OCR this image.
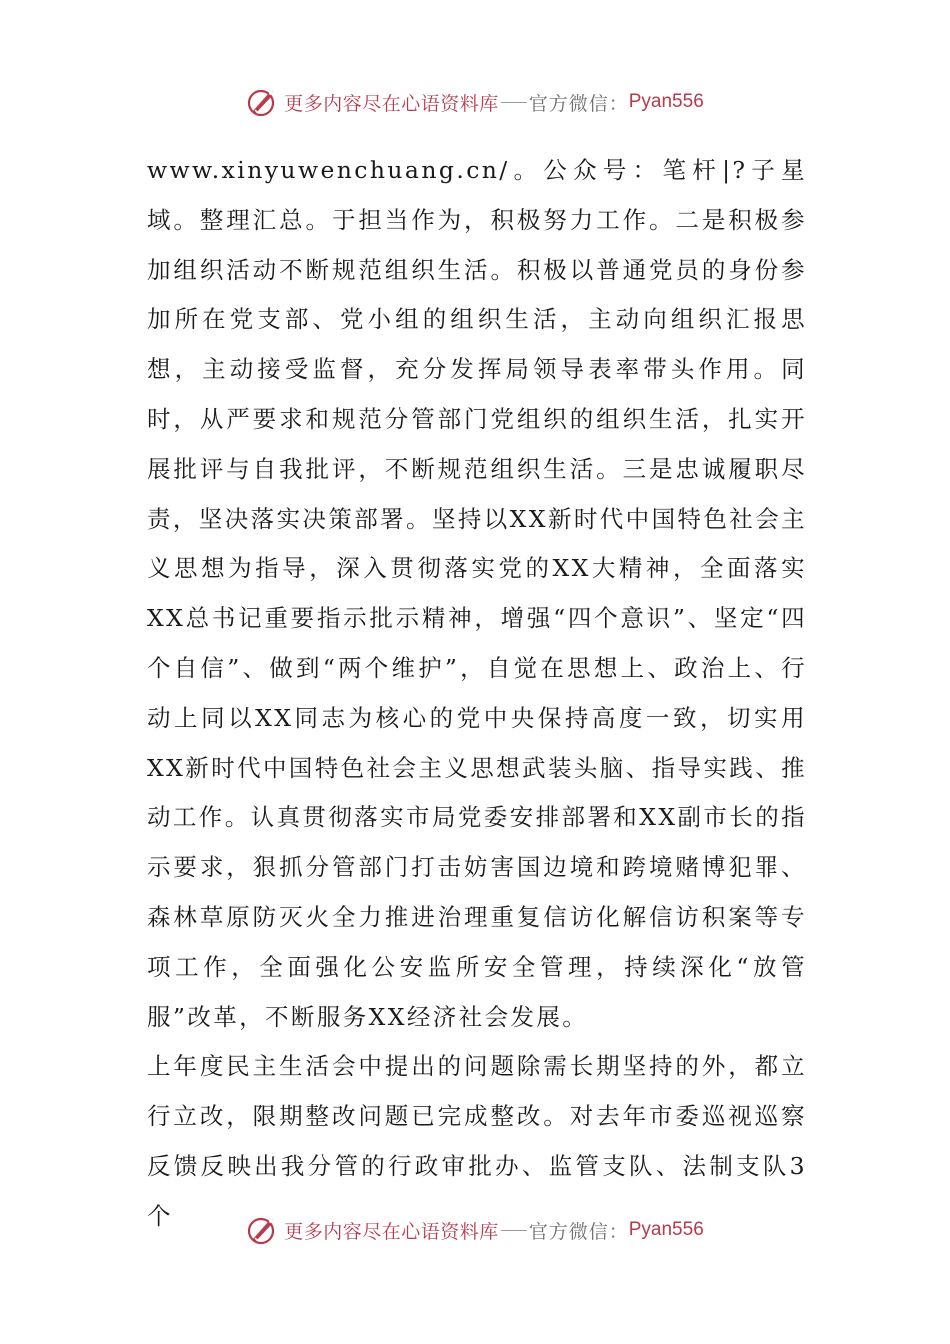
更多内容尽在心语资料库 官方微信： Pyan556

www.xinyuwenchuang.cn/。公众号：笔杆|?子星域。整理汇总。于担当作为，积极努力工作。二是积极参加组织活动不断规范组织生活。积极以普通党员的身份参加所在党支部、党小组的组织生活，主动向组织汇报思想，主动接受监督，充分发挥局领导表率带头作用。同时，从严要求和规范分管部门党组织的组织生活，扎实开展批评与自我批评，不断规范组织生活。三是忠诚履职尽责，坚决落实决策部署。坚持以XX新时代中国特色社会主义思想为指导，深入贯彻落实党的XX大精神，全面落实XX总书记重要指示批示精神，增强“四个意识”、坚定“四个自信”、做到“两个维护”，自觉在思想上、政治上、行动上同以XX同志为核心的党中央保持高度一致，切实用XX新时代中国特色社会主义思想武装头脑、指导实践、推动工作。认真贯彻落实市局党委安排部署和XX副市长的指示要求，狠抓分管部门打击妨害国边境和跨境赌博犯罪、森林草原防灭火全力推进治理重复信访化解信访积案等专项工作，全面强化公安监所安全管理，持续深化“放管服”改革，不断服务XX经济社会发展。

上年度民主生活会中提出的问题除需长期坚持的外，都立行立改，限期整改问题已完成整改。对去年市委巡视巡察反馈反映出我分管的行政审批办、监管支队、法制支队3个

更多内容尽在心语资料库 官方微信： Pyan556
